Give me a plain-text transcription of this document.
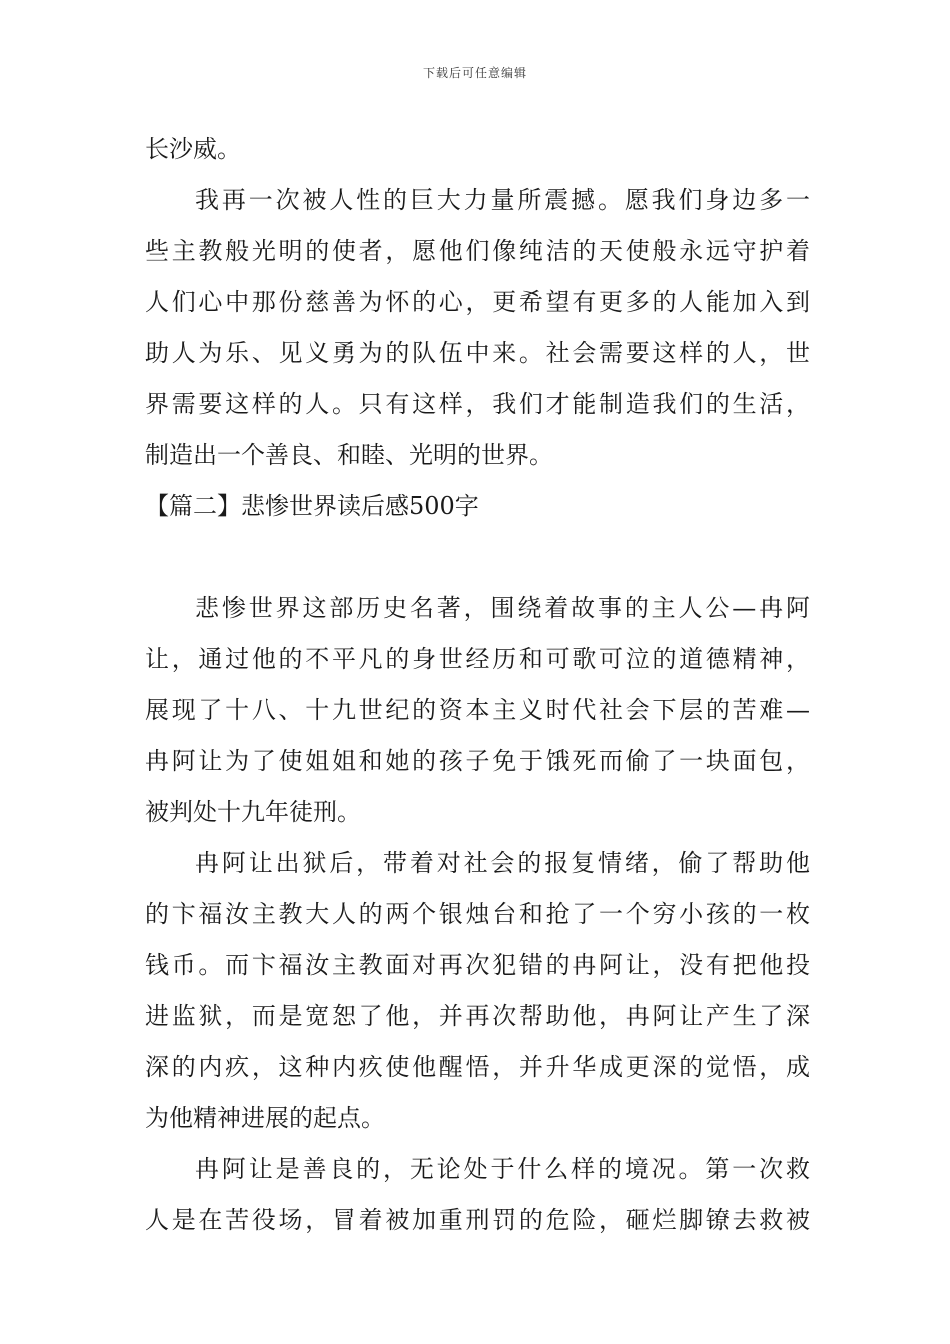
下载后可任意编辑
长沙威。
我再一次被人性的巨大力量所震撼。愿我们身边多一
些主教般光明的使者，愿他们像纯洁的天使般永远守护着
人们心中那份慈善为怀的心，更希望有更多的人能加入到
助人为乐、见义勇为的队伍中来。社会需要这样的人，世
界需要这样的人。只有这样，我们才能制造我们的生活，
制造出一个善良、和睦、光明的世界。
【篇二】悲惨世界读后感500字
悲惨世界这部历史名著，围绕着故事的主人公—冉阿
让，通过他的不平凡的身世经历和可歌可泣的道德精神，
展现了十八、十九世纪的资本主义时代社会下层的苦难—
冉阿让为了使姐姐和她的孩子免于饿死而偷了一块面包，
被判处十九年徒刑。
冉阿让出狱后，带着对社会的报复情绪，偷了帮助他
的卞福汝主教大人的两个银烛台和抢了一个穷小孩的一枚
钱币。而卞福汝主教面对再次犯错的冉阿让，没有把他投
进监狱，而是宽恕了他，并再次帮助他，冉阿让产生了深
深的内疚，这种内疚使他醒悟，并升华成更深的觉悟，成
为他精神进展的起点。
冉阿让是善良的，无论处于什么样的境况。第一次救
人是在苦役场，冒着被加重刑罚的危险，砸烂脚镣去救被
